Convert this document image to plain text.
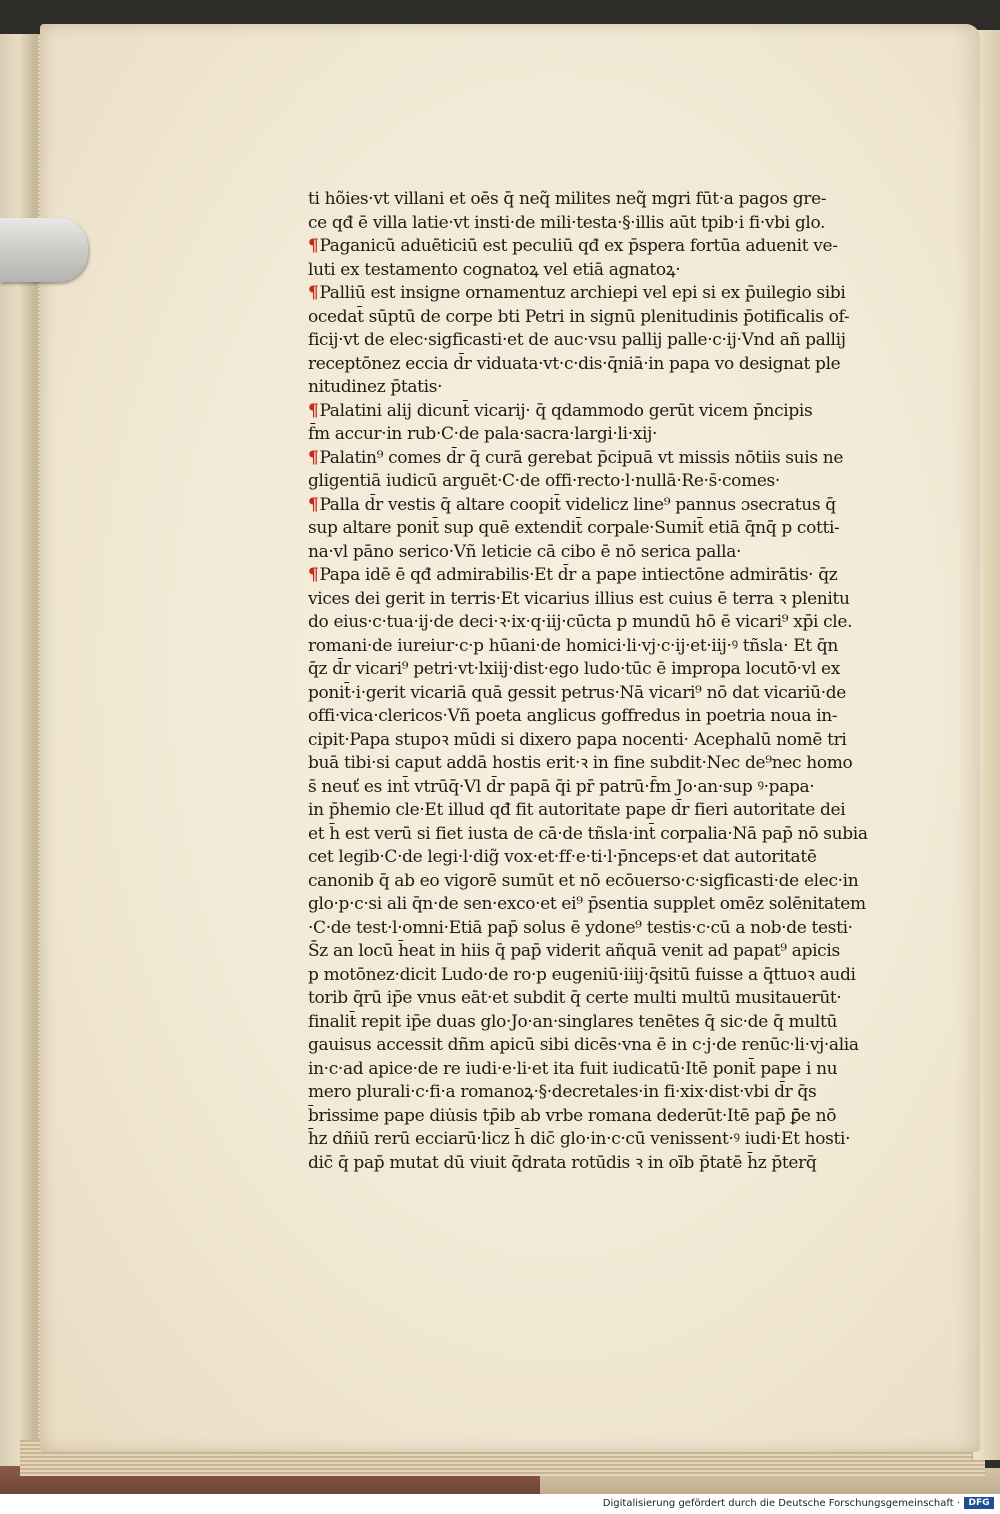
ti hõies·vt villani et oēs q̄ neq̃ milites neq̃ mgri fūt·a pagos gre-
ce qđ ē villa latie·vt insti·de mili·testa·§·illis aūt tpib·i fi·vbi glo.
¶Paganicū aduēticiū est peculiū qđ ex p̄spera fortūa aduenit ve-
luti ex testamento cognatoꝝ vel etiā agnatoꝝ·
¶Palliū est insigne ornamentuz archiepi vel epi si ex p̄uilegio sibi
ocedat̄ sūptū de corpe bti Petri in signū plenitudinis p̄otificalis of-
ficij·vt de elec·sigficasti·et de auc·vsu pallij palle·c·ij·Vnd añ pallij
receptōnez eccia d̄r viduata·vt·c·dis·q̄niā·in papa vo designat ple
nitudinez p̄tatis·
¶Palatini alij dicunt̄ vicarij· q̄ qdammodo gerūt vicem p̄ncipis
f̄m accur·in rub·C·de pala·sacra·largi·li·xij·
¶Palatin⁹ comes d̄r q̄ curā gerebat p̄cipuā vt missis nōtiis suis ne
gligentiā iudicū arguēt·C·de offi·recto·l·nullā·Re·s̄·comes·
¶Palla d̄r vestis q̄ altare coopit̄ videlicz line⁹ pannus ɔsecratus q̄
sup altare ponit̄ sup quē extendit̄ corpale·Sumit̄ etiā q̄nq̄ p cotti-
na·vl pāno serico·Vñ leticie cā cibo ē nō serica palla·
¶Papa idē ē qđ admirabilis·Et d̄r a pape intiectōne admirātis· q̄z
vices dei gerit in terris·Et vicarius illius est cuius ē terra ꝛ plenitu
do eius·c·tua·ij·de deci·ꝛ·ix·q·iij·cūcta p mundū hō ē vicari⁹ xp̄i cle.
romani·de iureiur·c·p hūani·de homici·li·vj·c·ij·et·iij·ꝰ tñsla· Et q̄n
q̄z d̄r vicari⁹ petri·vt·lxiij·dist·ego ludo·tūc ē impropa locutō·vl ex
ponit̄·i·gerit vicariā quā gessit petrus·Nā vicari⁹ nō dat vicariū·de
offi·vica·clericos·Vñ poeta anglicus goffredus in poetria noua in-
cipit·Papa stupoꝛ mūdi si dixero papa nocenti· Acephalū nomē tri
buā tibi·si caput addā hostis erit·ꝛ in fine subdit·Nec de⁹nec homo
s̄ neuť es int̄ vtrūq̄·Vl d̄r papā q̄i pr̄ patrū·f̄m Jo·an·sup ꝰ·papa·
in p̄hemio cle·Et illud qđ fit autoritate pape d̄r fieri autoritate dei
et h̄ est verū si fiet iusta de cā·de tñsla·int̄ corpalia·Nā pap̄ nō subia
cet legib·C·de legi·l·dig̃ vox·et·ff·e·ti·l·p̄nceps·et dat autoritatē
canonib q̄ ab eo vigorē sumūt et nō ecōuerso·c·sigficasti·de elec·in
glo·p·c·si ali q̄n·de sen·exco·et ei⁹ p̄sentia supplet omēz solēnitatem
·C·de test·l·omni·Etiā pap̄ solus ē ydone⁹ testis·c·cū a nob·de testi·
S̄z an locū h̄eat in hiis q̄ pap̄ viderit añquā venit ad papat⁹ apicis
p motōnez·dicit Ludo·de ro·p eugeniū·iiij·q̄sitū fuisse a q̄ttuoꝛ audi
torib q̄rū ip̄e vnus eāt·et subdit q̄ certe multi multū musitauerūt·
finalit̄ repit ip̄e duas glo·Jo·an·singlares tenētes q̄ sic·de q̄ multū
gauisus accessit dñm apicū sibi dicēs·vna ē in c·j·de renūc·li·vj·alia
in·c·ad apice·de re iudi·e·li·et ita fuit iudicatū·Itē ponit̄ pape i nu
mero plurali·c·fi·a romanoꝝ·§·decretales·in fi·xix·dist·vbi d̄r q̄s
b̄rissime pape diu̇sis tp̄ib ab vrbe romana dederūt·Itē pap̄ ꝑ̄e nō
h̄z dñiū rerū ecciarū·licz h̄ dic̄ glo·in·c·cū venissent·ꝰ iudi·Et hosti·
dic̄ q̄ pap̄ mutat dū viuit q̄drata rotūdis ꝛ in oīb p̄tatē h̄z p̄terq̄
Digitalisierung gefördert durch die Deutsche Forschungsgemeinschaft · DFG
